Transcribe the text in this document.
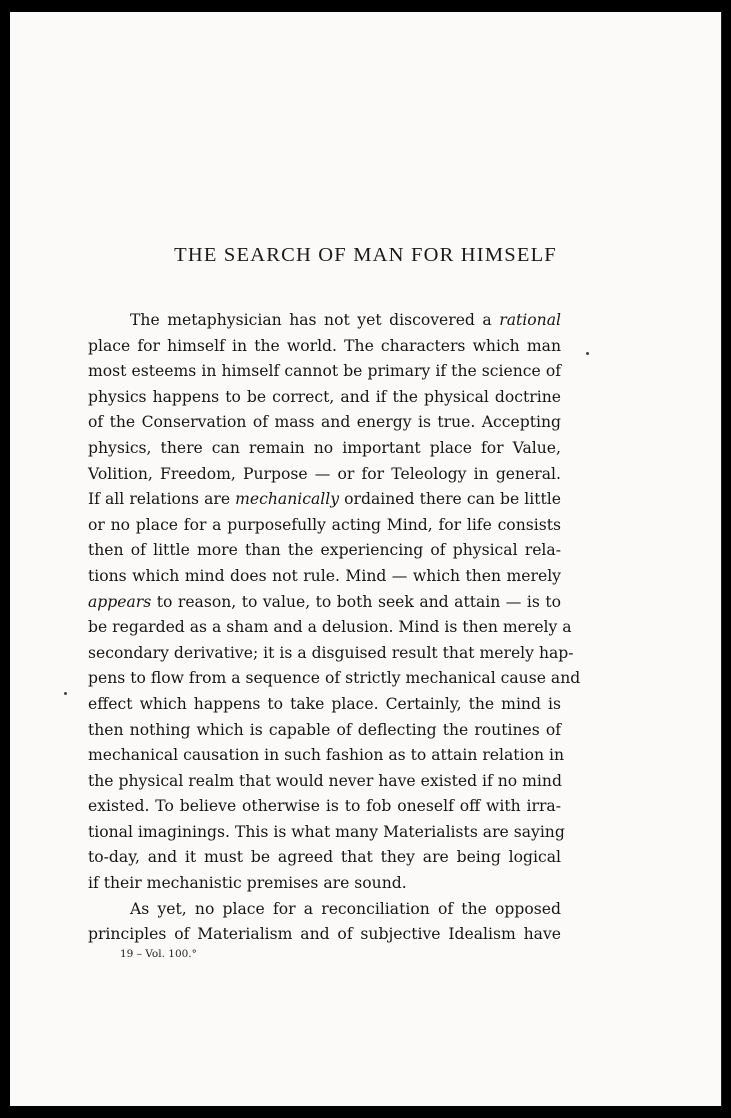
THE SEARCH OF MAN FOR HIMSELF
The metaphysician has not yet discovered a rational
place for himself in the world. The characters which man
most esteems in himself cannot be primary if the science of
physics happens to be correct, and if the physical doctrine
of the Conservation of mass and energy is true. Accepting
physics, there can remain no important place for Value,
Volition, Freedom, Purpose — or for Teleology in general.
If all relations are mechanically ordained there can be little
or no place for a purposefully acting Mind, for life consists
then of little more than the experiencing of physical rela-
tions which mind does not rule. Mind — which then merely
appears to reason, to value, to both seek and attain — is to
be regarded as a sham and a delusion. Mind is then merely a
secondary derivative; it is a disguised result that merely hap-
pens to flow from a sequence of strictly mechanical cause and
effect which happens to take place. Certainly, the mind is
then nothing which is capable of deflecting the routines of
mechanical causation in such fashion as to attain relation in
the physical realm that would never have existed if no mind
existed. To believe otherwise is to fob oneself off with irra-
tional imaginings. This is what many Materialists are saying
to-day, and it must be agreed that they are being logical
if their mechanistic premises are sound.
As yet, no place for a reconciliation of the opposed
principles of Materialism and of subjective Idealism have
19 – Vol. 100.°
